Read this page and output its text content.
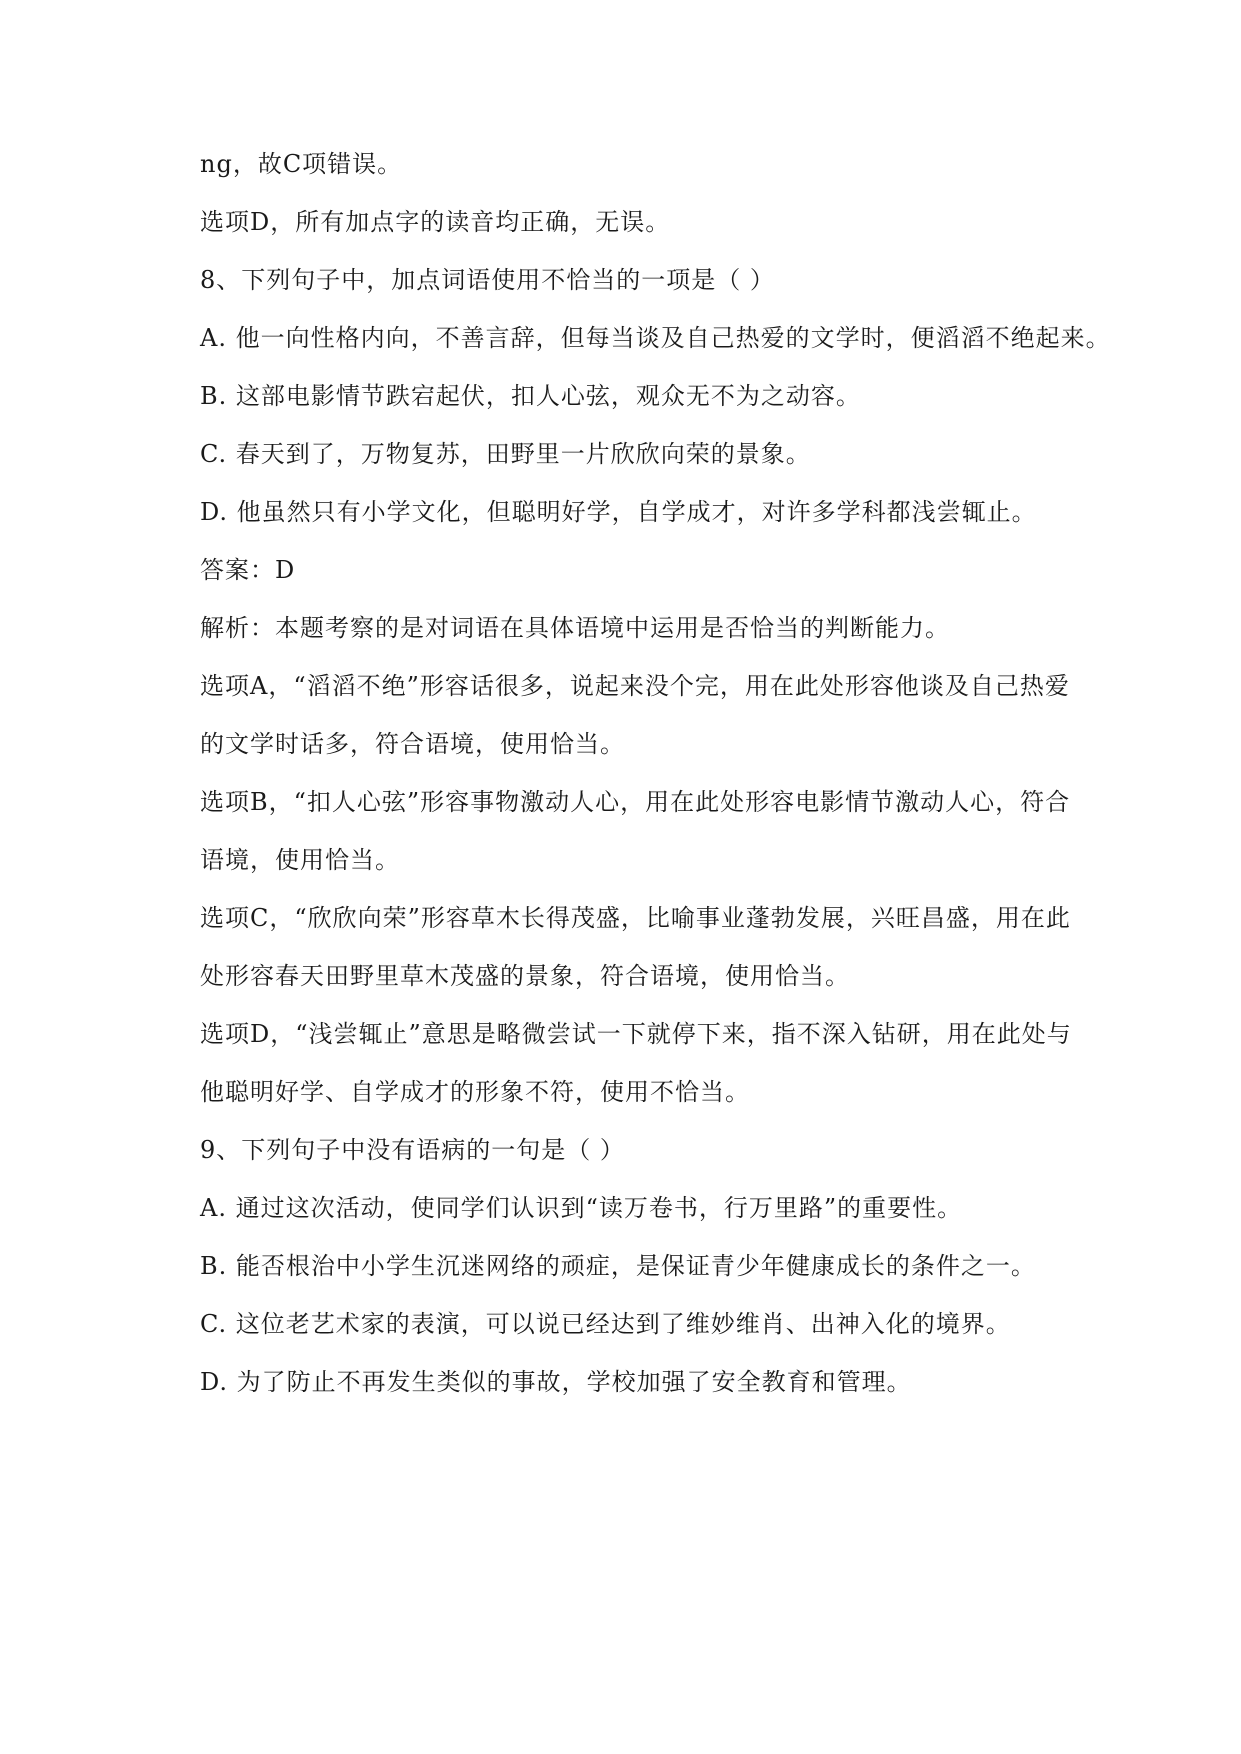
ng，故C项错误。
选项D，所有加点字的读音均正确，无误。
8、下列句子中，加点词语使用不恰当的一项是（ ）
A. 他一向性格内向，不善言辞，但每当谈及自己热爱的文学时，便滔滔不绝起来。
B. 这部电影情节跌宕起伏，扣人心弦，观众无不为之动容。
C. 春天到了，万物复苏，田野里一片欣欣向荣的景象。
D. 他虽然只有小学文化，但聪明好学，自学成才，对许多学科都浅尝辄止。
答案：D
解析：本题考察的是对词语在具体语境中运用是否恰当的判断能力。
选项A，“滔滔不绝”形容话很多，说起来没个完，用在此处形容他谈及自己热爱
的文学时话多，符合语境，使用恰当。
选项B，“扣人心弦”形容事物激动人心，用在此处形容电影情节激动人心，符合
语境，使用恰当。
选项C，“欣欣向荣”形容草木长得茂盛，比喻事业蓬勃发展，兴旺昌盛，用在此
处形容春天田野里草木茂盛的景象，符合语境，使用恰当。
选项D，“浅尝辄止”意思是略微尝试一下就停下来，指不深入钻研，用在此处与
他聪明好学、自学成才的形象不符，使用不恰当。
9、下列句子中没有语病的一句是（ ）
A. 通过这次活动，使同学们认识到“读万卷书，行万里路”的重要性。
B. 能否根治中小学生沉迷网络的顽症，是保证青少年健康成长的条件之一。
C. 这位老艺术家的表演，可以说已经达到了维妙维肖、出神入化的境界。
D. 为了防止不再发生类似的事故，学校加强了安全教育和管理。
